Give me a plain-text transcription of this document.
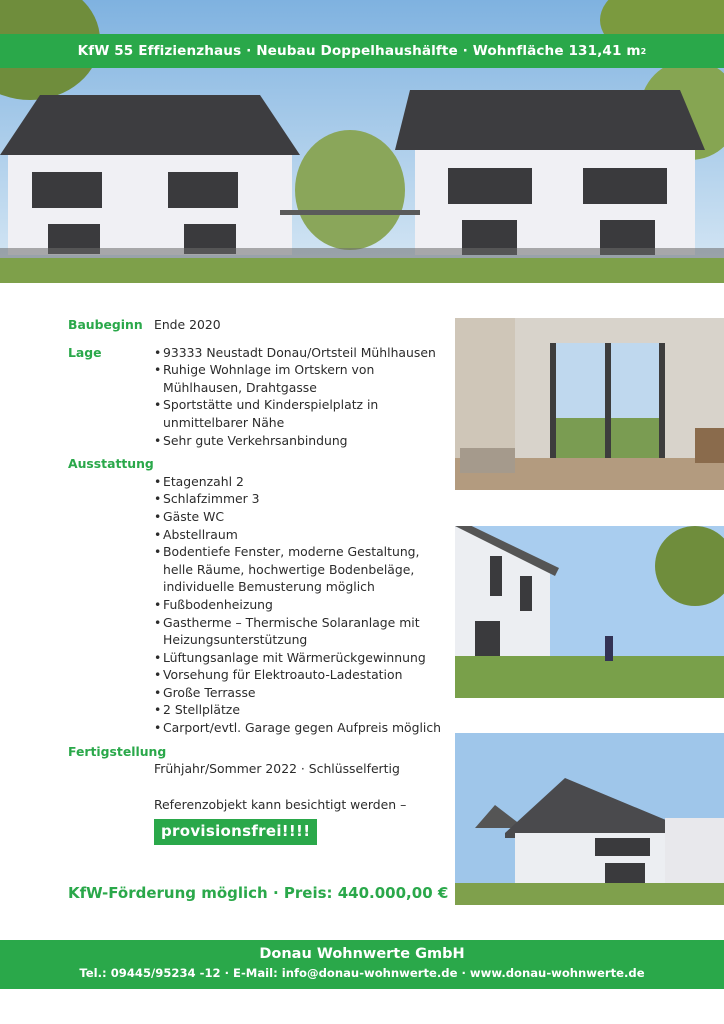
KfW 55 Effizienzhaus · Neubau Doppelhaushälfte · Wohnfläche 131,41 m 2
Baubeginn Ende 2020
Lage
•	93333 Neustadt Donau/Ortsteil Mühlhausen
• Ruhige Wohnlage im Ortskern von Mühlhausen, Drahtgasse
• Sportstätte und Kinderspielplatz in unmittelbarer Nähe
• Sehr gute Verkehrsanbindung
Ausstattung
• Etagenzahl 2
• Schlafzimmer 3
• Gäste WC
• Abstellraum
• Bodentiefe Fenster, moderne Gestaltung, helle Räume, hochwertige Bodenbeläge, individuelle Bemusterung möglich
• Fußbodenheizung
• Gastherme – Thermische Solaranlage mit Heizungsunterstützung
• Lüftungsanlage mit Wärmerückgewinnung
• Vorsehung für Elektroauto-Ladestation
• Große Terrasse
• 2 Stellplätze
• Carport/evtl. Garage gegen Aufpreis möglich
Fertigstellung
Frühjahr/Sommer 2022 · Schlüsselfertig
Referenzobjekt kann besichtigt werden –
provisionsfrei!!!!
KfW-Förderung möglich · Preis: 440.000,00 €
Donau Wohnwerte GmbH
Tel.: 09445/95234 -12 · E-Mail: info@donau-wohnwerte.de · www.donau-wohnwerte.de
